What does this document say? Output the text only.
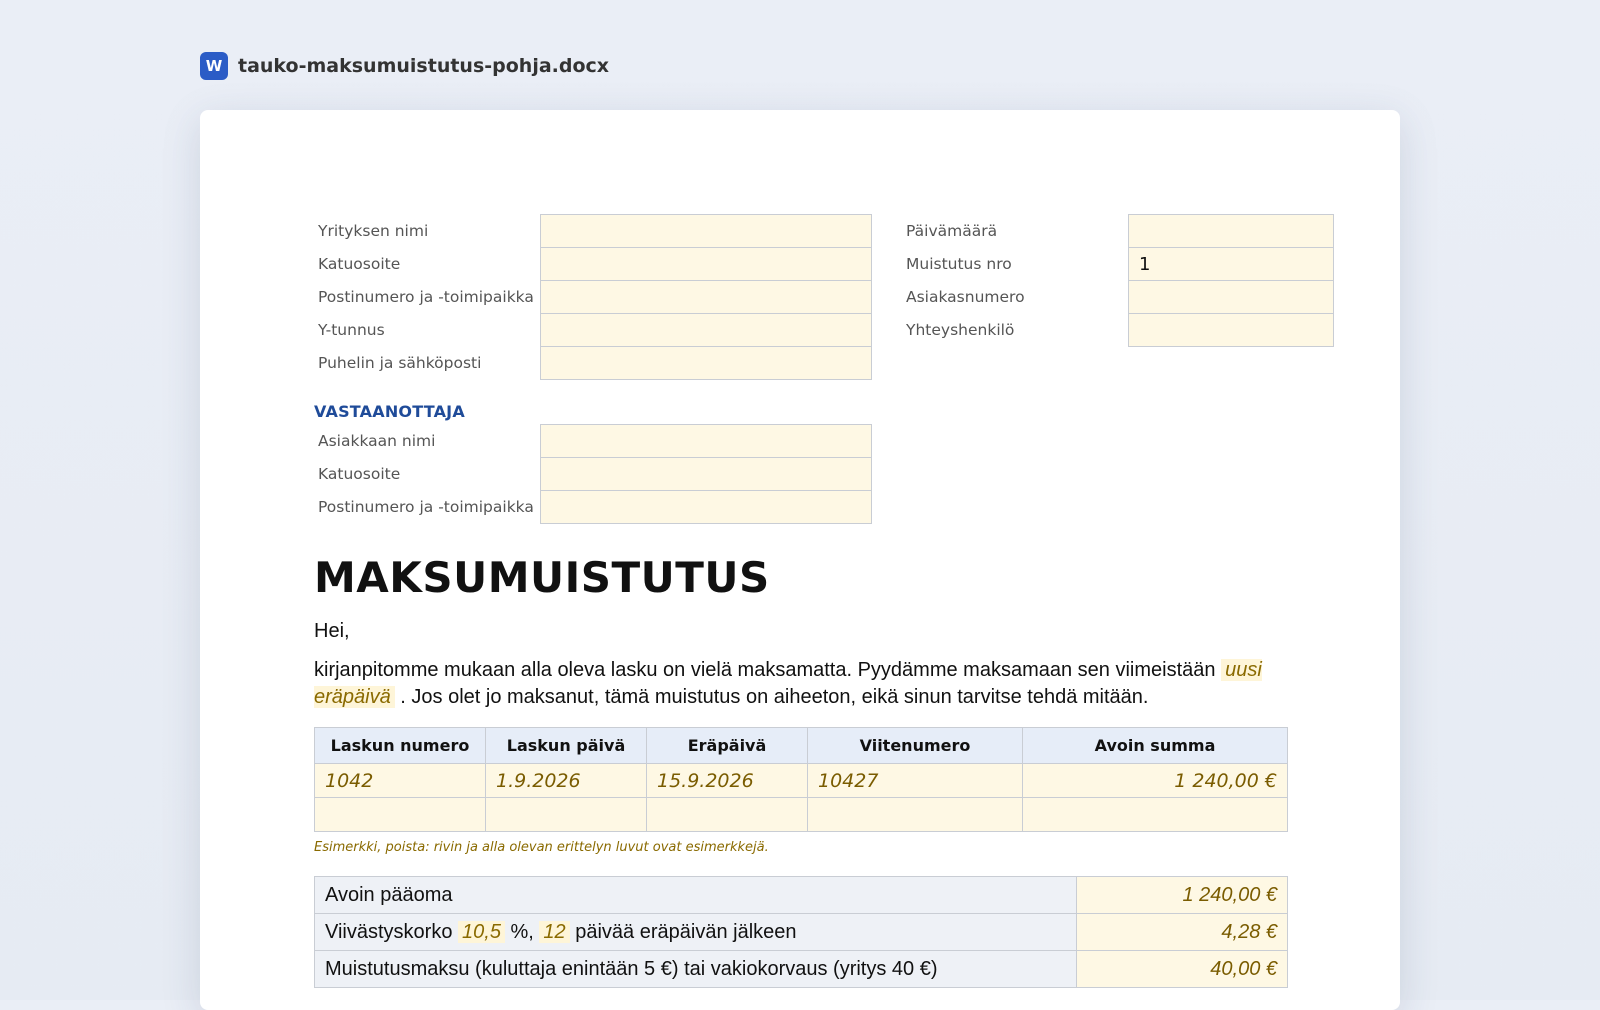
W tauko-maksumuistutus-pohja.docx
Yrityksen nimi	
Katuosoite	
Postinumero ja -toimipaikka	
Y-tunnus	
Puhelin ja sähköposti	
Päivämäärä	
Muistutus nro	1
Asiakasnumero	
Yhteyshenkilö	
VASTAANOTTAJA
Asiakkaan nimi	
Katuosoite	
Postinumero ja -toimipaikka	
MAKSUMUISTUTUS
Hei,
kirjanpitomme mukaan alla oleva lasku on vielä maksamatta. Pyydämme maksamaan sen viimeistään uusi eräpäivä . Jos olet jo maksanut, tämä muistutus on aiheeton, eikä sinun tarvitse tehdä mitään.
Laskun numero	Laskun päivä	Eräpäivä	Viitenumero	Avoin summa
1042	1.9.2026	15.9.2026	10427	1 240,00 €

Esimerkki, poista: rivin ja alla olevan erittelyn luvut ovat esimerkkejä.
Avoin pääoma	1 240,00 €
Viivästyskorko 10,5 %, 12 päivää eräpäivän jälkeen	4,28 €
Muistutusmaksu (kuluttaja enintään 5 €) tai vakiokorvaus (yritys 40 €)	40,00 €
